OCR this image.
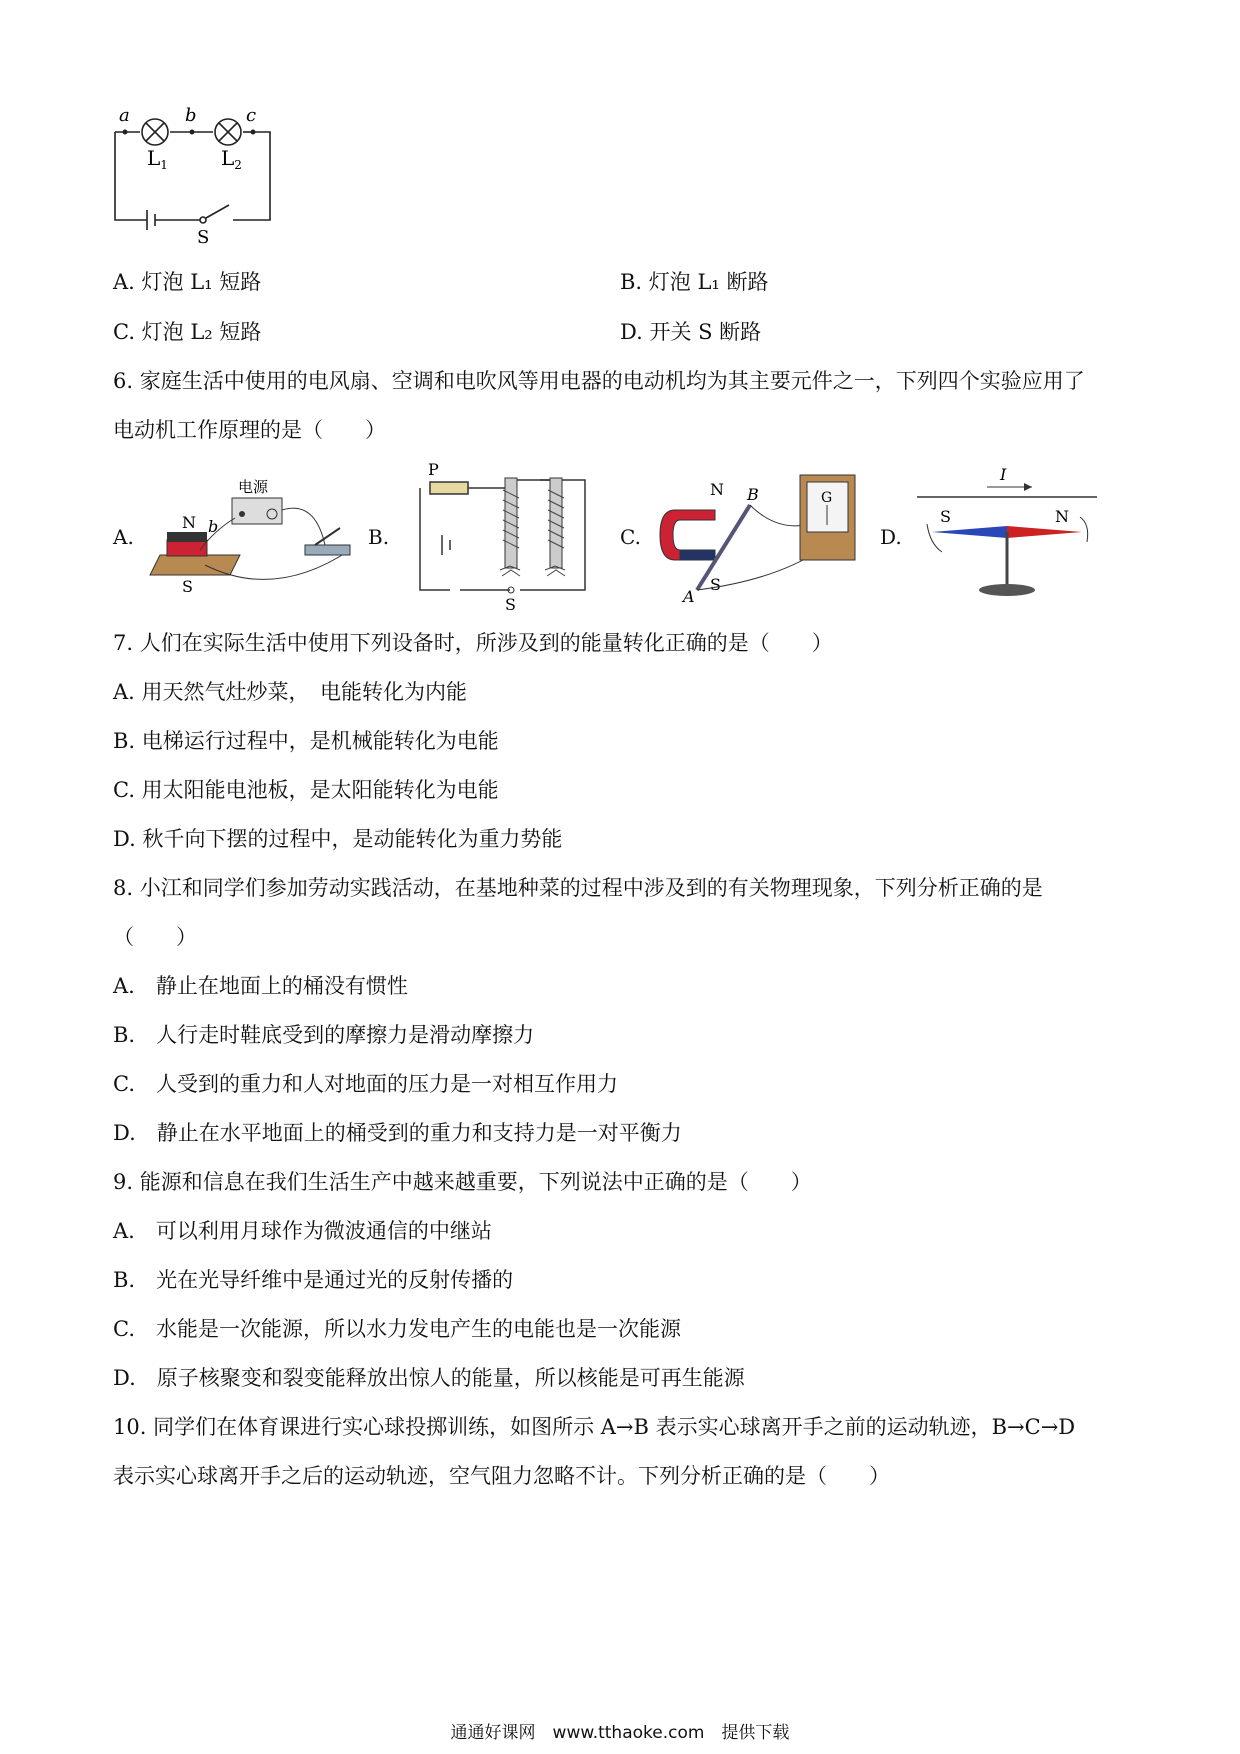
a	b	c
$L_1$	$L_2$
S
A. 灯泡 L₁ 短路	B. 灯泡 L₁ 断路
C. 灯泡 L₂ 短路	D. 开关 S 断路
6. 家庭生活中使用的电风扇、空调和电吹风等用电器的电动机均为其主要元件之一，下列四个实验应用了
电动机工作原理的是（　　）
A.
电源
N b
S
B.
P
S
C.
N B
A
S
G
D.
I
S	N
7. 人们在实际生活中使用下列设备时，所涉及到的能量转化正确的是（　　）
A. 用天然气灶炒菜，　电能转化为内能
B. 电梯运行过程中，是机械能转化为电能
C. 用太阳能电池板，是太阳能转化为电能
D. 秋千向下摆的过程中，是动能转化为重力势能
8. 小江和同学们参加劳动实践活动，在基地种菜的过程中涉及到的有关物理现象，下列分析正确的是
（　　）
A.　静止在地面上的桶没有惯性
B.　人行走时鞋底受到的摩擦力是滑动摩擦力
C.　人受到的重力和人对地面的压力是一对相互作用力
D.　静止在水平地面上的桶受到的重力和支持力是一对平衡力
9. 能源和信息在我们生活生产中越来越重要，下列说法中正确的是（　　）
A.　可以利用月球作为微波通信的中继站
B.　光在光导纤维中是通过光的反射传播的
C.　水能是一次能源，所以水力发电产生的电能也是一次能源
D.　原子核聚变和裂变能释放出惊人的能量，所以核能是可再生能源
10. 同学们在体育课进行实心球投掷训练，如图所示 A→B 表示实心球离开手之前的运动轨迹，B→C→D
表示实心球离开手之后的运动轨迹，空气阻力忽略不计。下列分析正确的是（　　）
通通好课网　www.tthaoke.com　提供下载
